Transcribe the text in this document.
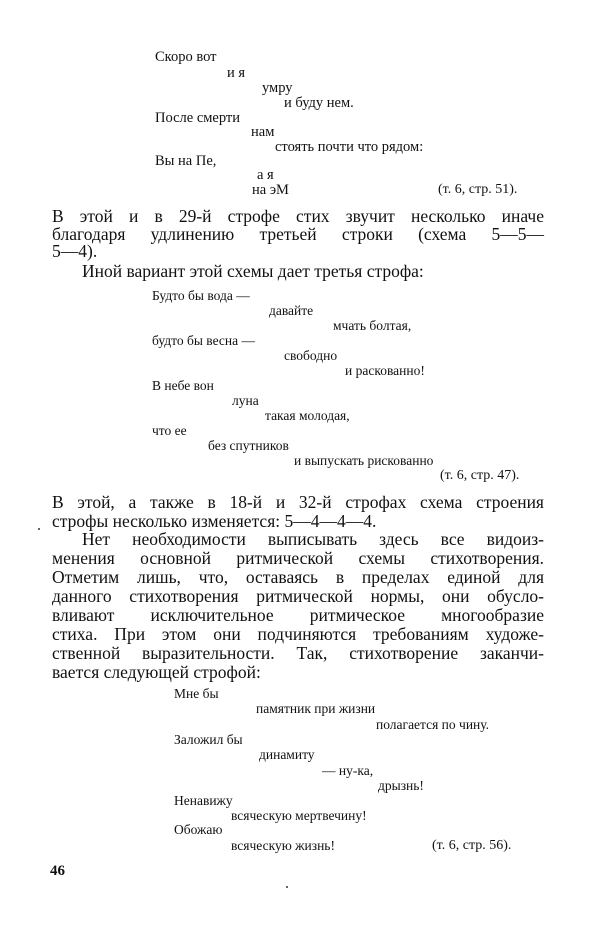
Скоро вот
и я
умру
и буду нем.
После смерти
нам
стоять почти что рядом:
Вы на Пе,
а я
на эМ	(т. 6, стр. 51).
В этой и в 29-й строфе стих звучит несколько иначе
благодаря удлинению третьей строки (схема 5—5—
5—4).
Иной вариант этой схемы дает третья строфа:
Будто бы вода —
давайте
мчать болтая,
будто бы весна —
свободно
и раскованно!
В небе вон
луна
такая молодая,
что ее
без спутников
и выпускать рискованно
(т. 6, стр. 47).
В этой, а также в 18-й и 32-й строфах схема строения
строфы несколько изменяется: 5—4—4—4.
Нет необходимости выписывать здесь все видоиз-
менения основной ритмической схемы стихотворения.
Отметим лишь, что, оставаясь в пределах единой для
данного стихотворения ритмической нормы, они обусло-
вливают исключительное ритмическое многообразие
стиха. При этом они подчиняются требованиям художе-
ственной выразительности. Так, стихотворение заканчи-
вается следующей строфой:
Мне бы
памятник при жизни
полагается по чину.
Заложил бы
динамиту
— ну-ка,
дрызнь!
Ненавижу
всяческую мертвечину!
Обожаю
всяческую жизнь!	(т. 6, стр. 56).
46
